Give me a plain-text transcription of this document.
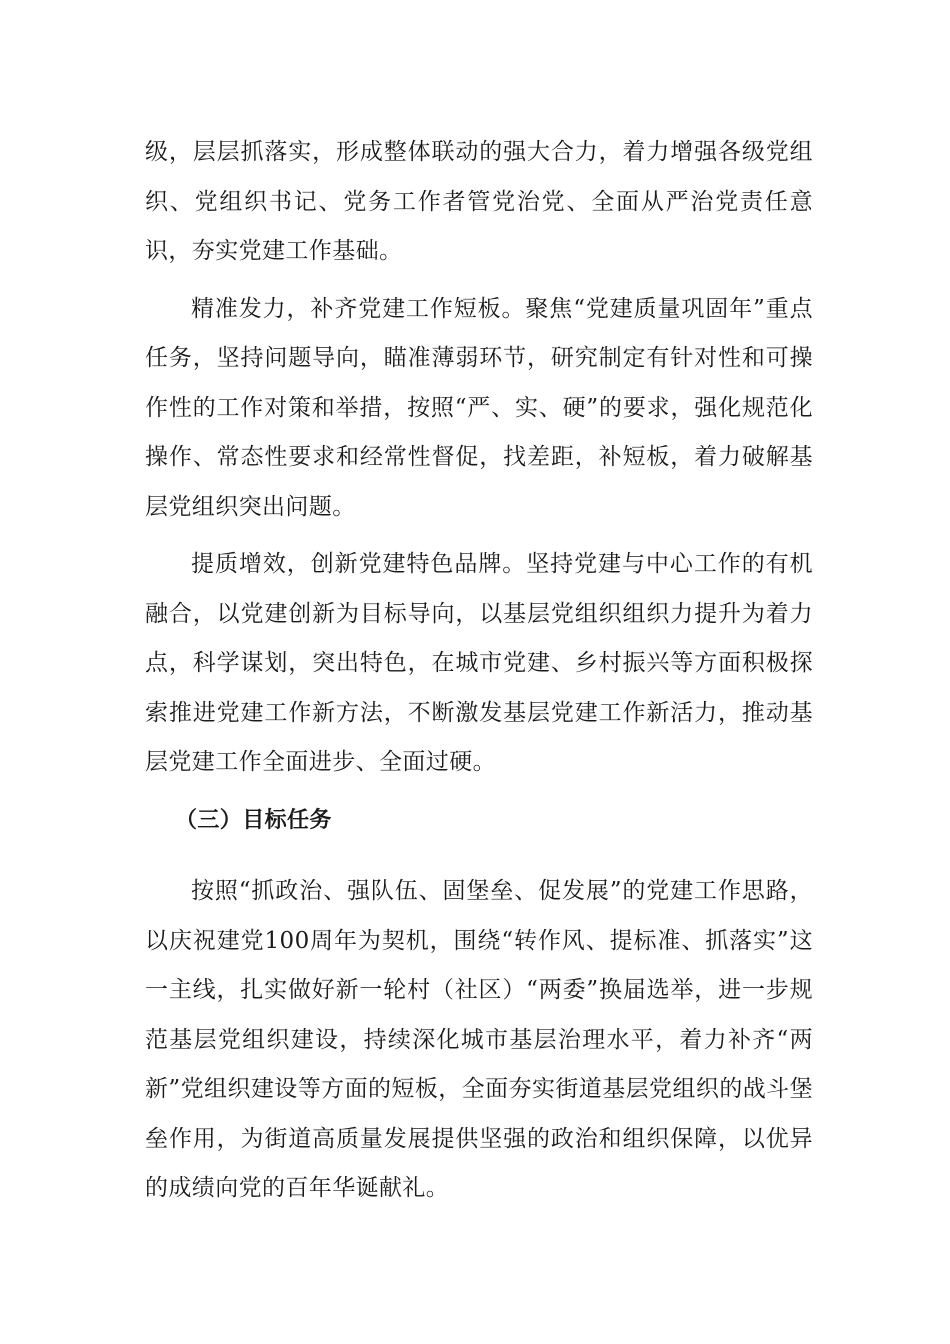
级，层层抓落实，形成整体联动的强大合力，着力增强各级党组织、党组织书记、党务工作者管党治党、全面从严治党责任意识，夯实党建工作基础。

精准发力，补齐党建工作短板。聚焦“党建质量巩固年”重点任务，坚持问题导向，瞄准薄弱环节，研究制定有针对性和可操作性的工作对策和举措，按照“严、实、硬”的要求，强化规范化操作、常态性要求和经常性督促，找差距，补短板，着力破解基层党组织突出问题。

提质增效，创新党建特色品牌。坚持党建与中心工作的有机融合，以党建创新为目标导向，以基层党组织组织力提升为着力点，科学谋划，突出特色，在城市党建、乡村振兴等方面积极探索推进党建工作新方法，不断激发基层党建工作新活力，推动基层党建工作全面进步、全面过硬。

（三）目标任务

按照“抓政治、强队伍、固堡垒、促发展”的党建工作思路，以庆祝建党100周年为契机，围绕“转作风、提标准、抓落实”这一主线，扎实做好新一轮村（社区）“两委”换届选举，进一步规范基层党组织建设，持续深化城市基层治理水平，着力补齐“两新”党组织建设等方面的短板，全面夯实街道基层党组织的战斗堡垒作用，为街道高质量发展提供坚强的政治和组织保障，以优异的成绩向党的百年华诞献礼。
